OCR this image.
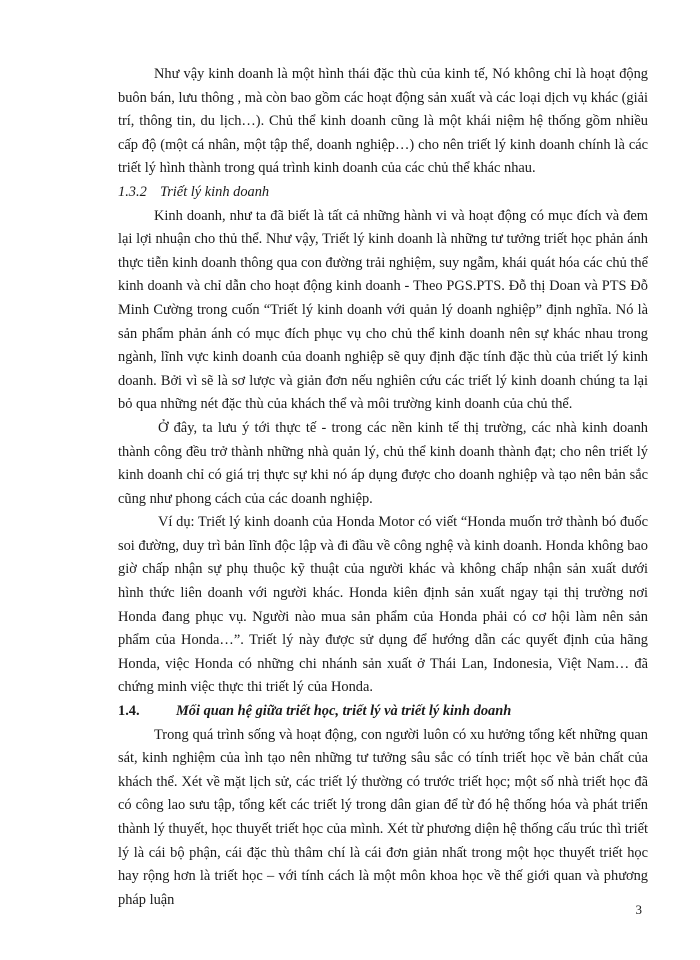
Như vậy kinh doanh là một hình thái đặc thù của kinh tế, Nó không chỉ là hoạt động buôn bán, lưu thông , mà còn bao gồm các hoạt động sản xuất và các loại dịch vụ khác (giải trí, thông tin, du lịch…). Chủ thể kinh doanh cũng là một khái niệm hệ thống gồm nhiều cấp độ (một cá nhân, một tập thể, doanh nghiệp…) cho nên triết lý kinh doanh chính là các triết lý hình thành trong quá trình kinh doanh của các chủ thể khác nhau.

1.3.2 Triết lý kinh doanh

Kinh doanh, như ta đã biết là tất cả những hành vi và hoạt động có mục đích và đem lại lợi nhuận cho thủ thể. Như vậy, Triết lý kinh doanh là những tư tưởng triết học phản ánh thực tiễn kinh doanh thông qua con đường trải nghiệm, suy ngẫm, khái quát hóa các chủ thể kinh doanh và chỉ dẫn cho hoạt động kinh doanh - Theo PGS.PTS. Đỗ thị Doan và PTS Đỗ Minh Cường trong cuốn “Triết lý kinh doanh với quản lý doanh nghiệp” định nghĩa. Nó là sản phẩm phản ánh có mục đích phục vụ cho chủ thể kinh doanh nên sự khác nhau trong ngành, lĩnh vực kinh doanh của doanh nghiệp sẽ quy định đặc tính đặc thù của triết lý kinh doanh. Bởi vì sẽ là sơ lược và giản đơn nếu nghiên cứu các triết lý kinh doanh chúng ta lại bỏ qua những nét đặc thù của khách thể và môi trường kinh doanh của chủ thể.

Ở đây, ta lưu ý tới thực tế - trong các nền kinh tế thị trường, các nhà kinh doanh thành công đều trở thành những nhà quản lý, chủ thể kinh doanh thành đạt; cho nên triết lý kinh doanh chỉ có giá trị thực sự khi nó áp dụng được cho doanh nghiệp và tạo nên bản sắc cũng như phong cách của các doanh nghiệp.

Ví dụ: Triết lý kinh doanh của Honda Motor có viết “Honda muốn trở thành bó đuốc soi đường, duy trì bản lĩnh độc lập và đi đầu về công nghệ và kinh doanh. Honda không bao giờ chấp nhận sự phụ thuộc kỹ thuật của người khác và không chấp nhận sản xuất dưới hình thức liên doanh với người khác. Honda kiên định sản xuất ngay tại thị trường nơi Honda đang phục vụ. Người nào mua sản phẩm của Honda phải có cơ hội làm nên sản phẩm của Honda…”. Triết lý này được sử dụng để hướng dẫn các quyết định của hãng Honda, việc Honda có những chi nhánh sản xuất ở Thái Lan, Indonesia, Việt Nam… đã chứng minh việc thực thi triết lý của Honda.

1.4.	Mối quan hệ giữa triết học, triết lý và triết lý kinh doanh

Trong quá trình sống và hoạt động, con người luôn có xu hưởng tổng kết những quan sát, kinh nghiệm của ình tạo nên những tư tưởng sâu sắc có tính triết học về bản chất của khách thể. Xét về mặt lịch sử, các triết lý thường có trước triết học; một số nhà triết học đã có công lao sưu tập, tổng kết các triết lý trong dân gian để từ đó hệ thống hóa và phát triển thành lý thuyết, học thuyết triết học của mình. Xét từ phương diện hệ thống cấu trúc thì triết lý là cái bộ phận, cái đặc thù thâm chí là cái đơn giản nhất trong một học thuyết triết học hay rộng hơn là triết học – với tính cách là một môn khoa học về thế giới quan và phương pháp luận

3
